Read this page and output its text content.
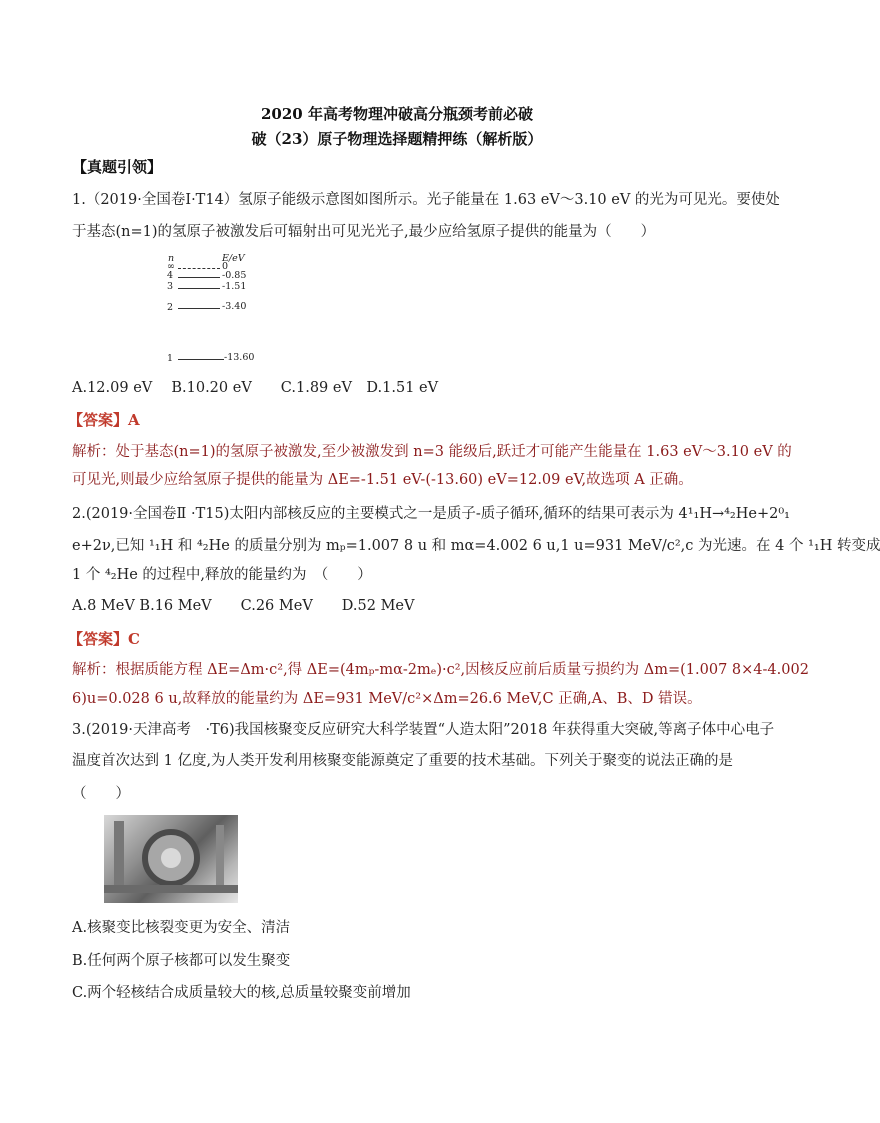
2020 年高考物理冲破高分瓶颈考前必破
破（23）原子物理选择题精押练（解析版）
【真题引领】
1.（2019·全国卷Ⅰ·T14）氢原子能级示意图如图所示。光子能量在 1.63 eV～3.10 eV 的光为可见光。要使处
于基态(n=1)的氢原子被激发后可辐射出可见光光子,最少应给氢原子提供的能量为（　　）
n	E/eV
∞	0
4	-0.85
3	-1.51
2	-3.40
1	-13.60
A.12.09 eV　 B.10.20 eV　　C.1.89 eV　D.1.51 eV
【答案】A
解析：处于基态(n=1)的氢原子被激发,至少被激发到 n=3 能级后,跃迁才可能产生能量在 1.63 eV～3.10 eV 的
可见光,则最少应给氢原子提供的能量为 ΔE=-1.51 eV-(-13.60) eV=12.09 eV,故选项 A 正确。
2.(2019·全国卷Ⅱ ·T15)太阳内部核反应的主要模式之一是质子-质子循环,循环的结果可表示为 4¹₁H→⁴₂He+2⁰₁
e+2ν,已知 ¹₁H 和 ⁴₂He 的质量分别为 mₚ=1.007 8 u 和 mα=4.002 6 u,1 u=931 MeV/c²,c 为光速。在 4 个 ¹₁H 转变成
1 个 ⁴₂He 的过程中,释放的能量约为　（　　）
A.8 MeV B.16 MeV　　C.26 MeV　　D.52 MeV
【答案】C
解析：根据质能方程 ΔE=Δm·c²,得 ΔE=(4mₚ-mα-2mₑ)·c²,因核反应前后质量亏损约为 Δm=(1.007 8×4-4.002
6)u=0.028 6 u,故释放的能量约为 ΔE=931 MeV/c²×Δm=26.6 MeV,C 正确,A、B、D 错误。
3.(2019·天津高考　·T6)我国核聚变反应研究大科学装置“人造太阳”2018 年获得重大突破,等离子体中心电子
温度首次达到 1 亿度,为人类开发利用核聚变能源奠定了重要的技术基础。下列关于聚变的说法正确的是
（　　）
A.核聚变比核裂变更为安全、清洁
B.任何两个原子核都可以发生聚变
C.两个轻核结合成质量较大的核,总质量较聚变前增加
